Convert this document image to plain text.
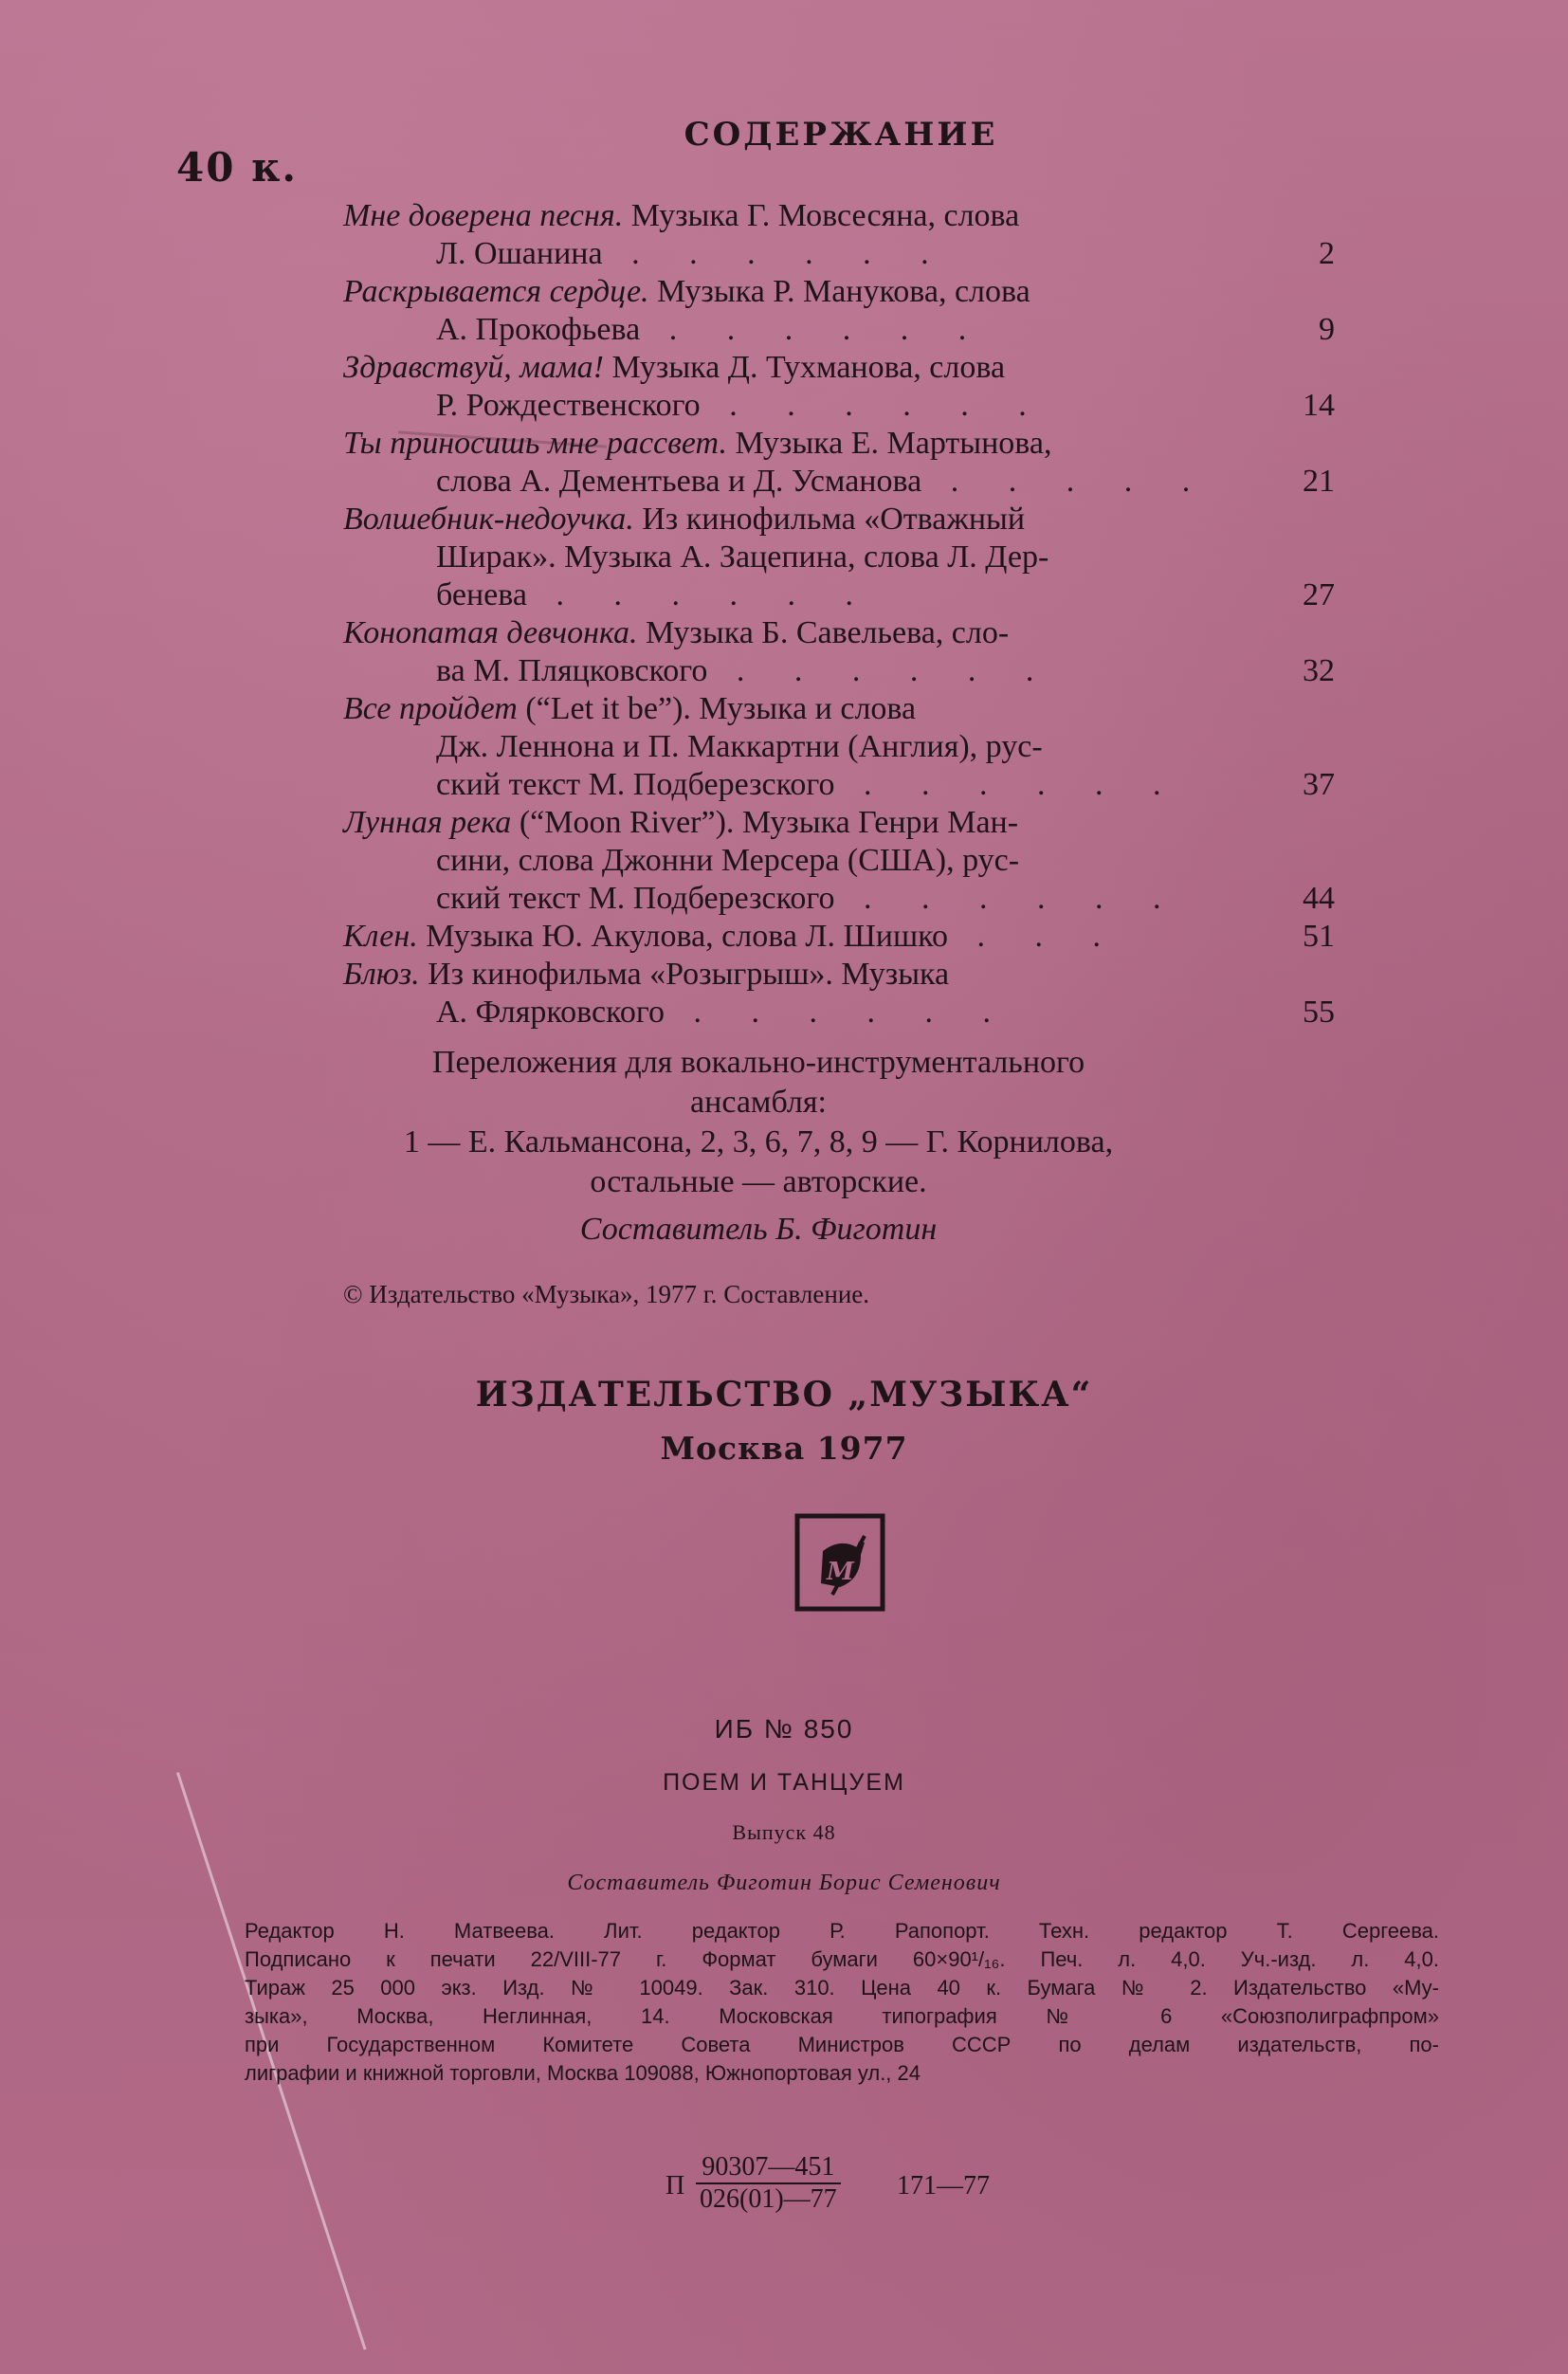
40 к.
СОДЕРЖАНИЕ
Мне доверена песня. Музыка Г. Мовсесяна, слова
Л. Ошанина . . . . . .	2
Раскрывается сердце. Музыка Р. Манукова, слова
А. Прокофьева . . . . . .	9
Здравствуй, мама! Музыка Д. Тухманова, слова
Р. Рождественского . . . . . .	14
Ты приносишь мне рассвет. Музыка Е. Мартынова,
слова А. Дементьева и Д. Усманова . . . . .	21
Волшебник-недоучка. Из кинофильма «Отважный
Ширак». Музыка А. Зацепина, слова Л. Дер-
бенева . . . . . .	27
Конопатая девчонка. Музыка Б. Савельева, сло-
ва М. Пляцковского . . . . . .	32
Все пройдет (“Let it be”). Музыка и слова
Дж. Леннона и П. Маккартни (Англия), рус-
ский текст М. Подберезского . . . . . .	37
Лунная река (“Moon River”). Музыка Генри Ман-
сини, слова Джонни Мерсера (США), рус-
ский текст М. Подберезского . . . . . .	44
Клен. Музыка Ю. Акулова, слова Л. Шишко . . .	51
Блюз. Из кинофильма «Розыгрыш». Музыка
А. Флярковского . . . . . .	55
Переложения для вокально-инструментального
ансамбля:
1 — Е. Кальмансона, 2, 3, 6, 7, 8, 9 — Г. Корнилова,
остальные — авторские.
Составитель Б. Фиготин
© Издательство «Музыка», 1977 г. Составление.
ИЗДАТЕЛЬСТВО „МУЗЫКА“
Москва 1977
М
ИБ № 850
ПОЕМ И ТАНЦУЕМ
Выпуск 48
Составитель Фиготин Борис Семенович
Редактор Н. Матвеева. Лит. редактор Р. Рапопорт. Техн. редактор Т. Сергеева.
Подписано к печати 22/VIII-77 г. Формат бумаги 60×90¹/₁₆. Печ. л. 4,0. Уч.-изд. л. 4,0.
Тираж 25 000 экз. Изд. № 10049. Зак. 310. Цена 40 к. Бумага № 2. Издательство «Му-
зыка», Москва, Неглинная, 14. Московская типография № 6 «Союзполиграфпром»
при Государственном Комитете Совета Министров СССР по делам издательств, по-
лиграфии и книжной торговли, Москва 109088, Южнопортовая ул., 24
П $\frac{90307—451}{026(01)—77}$ 171—77
